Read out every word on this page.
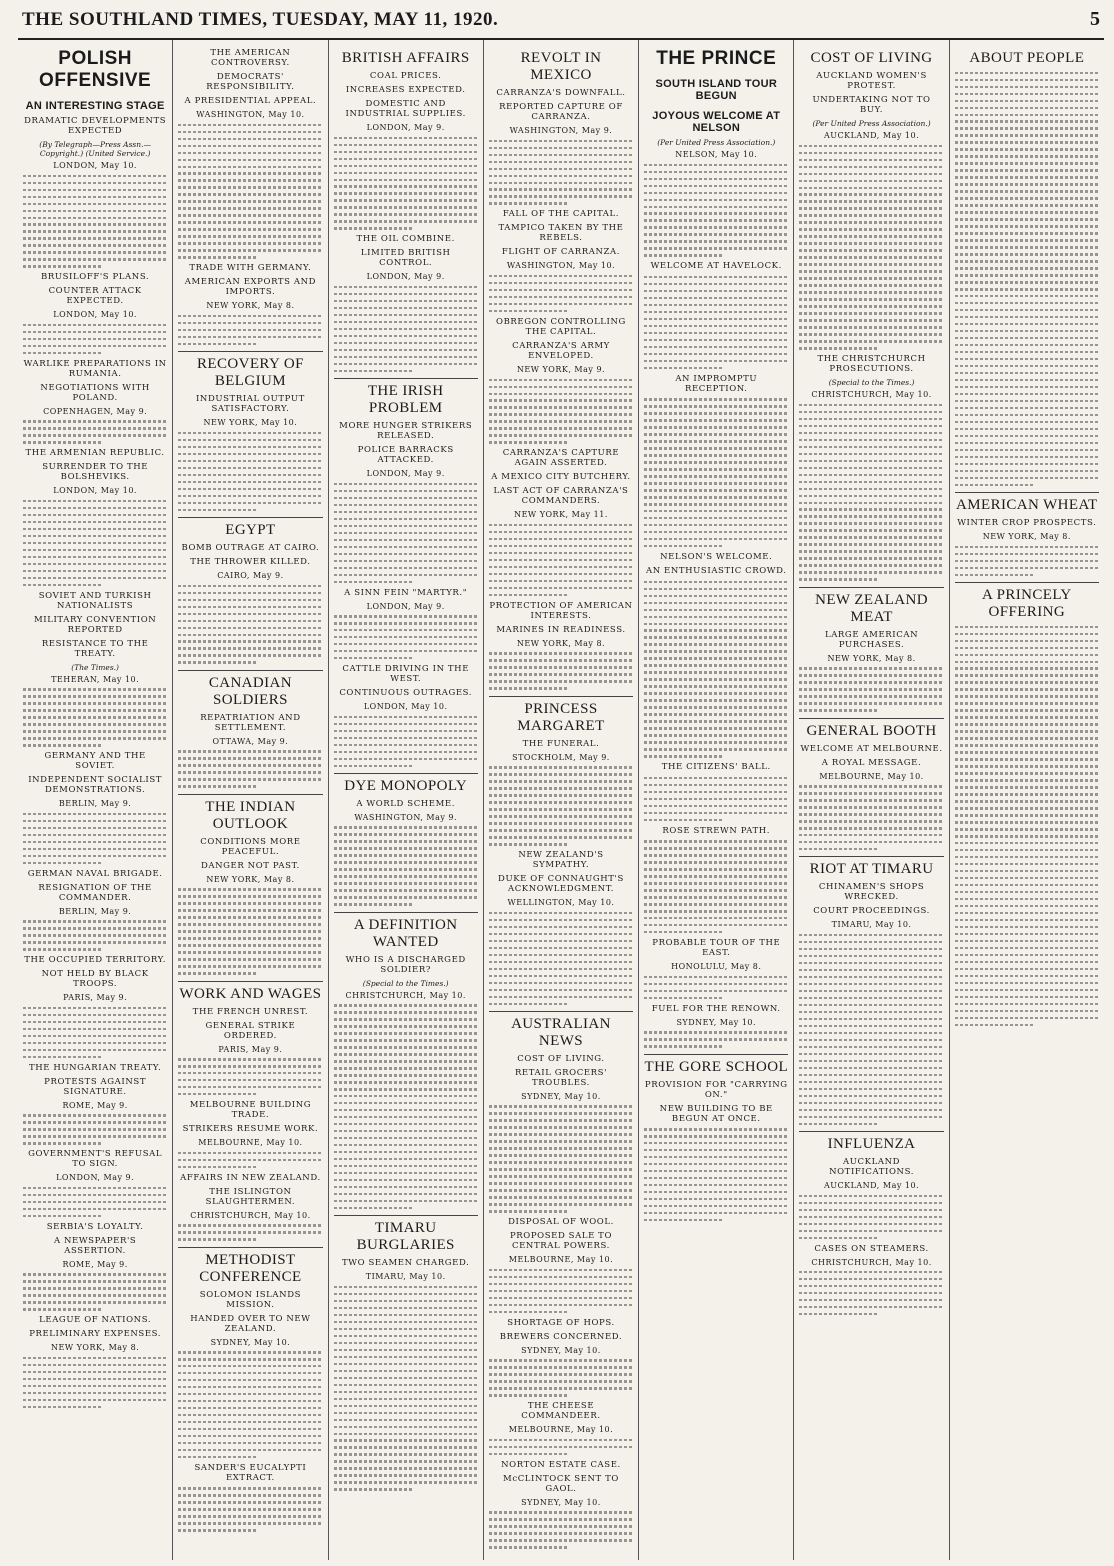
THE SOUTHLAND TIMES, TUESDAY, MAY 11, 1920.	5
POLISH OFFENSIVE
AN INTERESTING STAGE
DRAMATIC DEVELOPMENTS EXPECTED
(By Telegraph—Press Assn.—Copyright.) (United Service.)
LONDON, May 10.
BRUSILOFF'S PLANS.
COUNTER ATTACK EXPECTED.
LONDON, May 10.
WARLIKE PREPARATIONS IN RUMANIA.
NEGOTIATIONS WITH POLAND.
COPENHAGEN, May 9.
THE ARMENIAN REPUBLIC.
SURRENDER TO THE BOLSHEVIKS.
LONDON, May 10.
SOVIET AND TURKISH NATIONALISTS
MILITARY CONVENTION REPORTED
RESISTANCE TO THE TREATY.
(The Times.)
TEHERAN, May 10.
GERMANY AND THE SOVIET.
INDEPENDENT SOCIALIST DEMONSTRATIONS.
BERLIN, May 9.
GERMAN NAVAL BRIGADE.
RESIGNATION OF THE COMMANDER.
BERLIN, May 9.
THE OCCUPIED TERRITORY.
NOT HELD BY BLACK TROOPS.
PARIS, May 9.
THE HUNGARIAN TREATY.
PROTESTS AGAINST SIGNATURE.
ROME, May 9.
GOVERNMENT'S REFUSAL TO SIGN.
LONDON, May 9.
SERBIA'S LOYALTY.
A NEWSPAPER'S ASSERTION.
ROME, May 9.
LEAGUE OF NATIONS.
PRELIMINARY EXPENSES.
NEW YORK, May 8.
THE AMERICAN CONTROVERSY.
DEMOCRATS' RESPONSIBILITY.
A PRESIDENTIAL APPEAL.
WASHINGTON, May 10.
TRADE WITH GERMANY.
AMERICAN EXPORTS AND IMPORTS.
NEW YORK, May 8.
RECOVERY OF BELGIUM
INDUSTRIAL OUTPUT SATISFACTORY.
NEW YORK, May 10.
EGYPT
BOMB OUTRAGE AT CAIRO.
THE THROWER KILLED.
CAIRO, May 9.
CANADIAN SOLDIERS
REPATRIATION AND SETTLEMENT.
OTTAWA, May 9.
THE INDIAN OUTLOOK
CONDITIONS MORE PEACEFUL.
DANGER NOT PAST.
NEW YORK, May 8.
WORK AND WAGES
THE FRENCH UNREST.
GENERAL STRIKE ORDERED.
PARIS, May 9.
MELBOURNE BUILDING TRADE.
STRIKERS RESUME WORK.
MELBOURNE, May 10.
AFFAIRS IN NEW ZEALAND.
THE ISLINGTON SLAUGHTERMEN.
CHRISTCHURCH, May 10.
METHODIST CONFERENCE
SOLOMON ISLANDS MISSION.
HANDED OVER TO NEW ZEALAND.
SYDNEY, May 10.
SANDER'S EUCALYPTI EXTRACT.
BRITISH AFFAIRS
COAL PRICES.
INCREASES EXPECTED.
DOMESTIC AND INDUSTRIAL SUPPLIES.
LONDON, May 9.
THE OIL COMBINE.
LIMITED BRITISH CONTROL.
LONDON, May 9.
THE IRISH PROBLEM
MORE HUNGER STRIKERS RELEASED.
POLICE BARRACKS ATTACKED.
LONDON, May 9.
A SINN FEIN "MARTYR."
LONDON, May 9.
CATTLE DRIVING IN THE WEST.
CONTINUOUS OUTRAGES.
LONDON, May 10.
DYE MONOPOLY
A WORLD SCHEME.
WASHINGTON, May 9.
A DEFINITION WANTED
WHO IS A DISCHARGED SOLDIER?
(Special to the Times.)
CHRISTCHURCH, May 10.
TIMARU BURGLARIES
TWO SEAMEN CHARGED.
TIMARU, May 10.
REVOLT IN MEXICO
CARRANZA'S DOWNFALL.
REPORTED CAPTURE OF CARRANZA.
WASHINGTON, May 9.
FALL OF THE CAPITAL.
TAMPICO TAKEN BY THE REBELS.
FLIGHT OF CARRANZA.
WASHINGTON, May 10.
OBREGON CONTROLLING THE CAPITAL.
CARRANZA'S ARMY ENVELOPED.
NEW YORK, May 9.
CARRANZA'S CAPTURE AGAIN ASSERTED.
A MEXICO CITY BUTCHERY.
LAST ACT OF CARRANZA'S COMMANDERS.
NEW YORK, May 11.
PROTECTION OF AMERICAN INTERESTS.
MARINES IN READINESS.
NEW YORK, May 8.
PRINCESS MARGARET
THE FUNERAL.
STOCKHOLM, May 9.
NEW ZEALAND'S SYMPATHY.
DUKE OF CONNAUGHT'S ACKNOWLEDGMENT.
WELLINGTON, May 10.
AUSTRALIAN NEWS
COST OF LIVING.
RETAIL GROCERS' TROUBLES.
SYDNEY, May 10.
DISPOSAL OF WOOL.
PROPOSED SALE TO CENTRAL POWERS.
MELBOURNE, May 10.
SHORTAGE OF HOPS.
BREWERS CONCERNED.
SYDNEY, May 10.
THE CHEESE COMMANDEER.
MELBOURNE, May 10.
NORTON ESTATE CASE.
McCLINTOCK SENT TO GAOL.
SYDNEY, May 10.
THE PRINCE
SOUTH ISLAND TOUR BEGUN
JOYOUS WELCOME AT NELSON
(Per United Press Association.)
NELSON, May 10.
WELCOME AT HAVELOCK.
AN IMPROMPTU RECEPTION.
NELSON'S WELCOME.
AN ENTHUSIASTIC CROWD.
THE CITIZENS' BALL.
ROSE STREWN PATH.
PROBABLE TOUR OF THE EAST.
HONOLULU, May 8.
FUEL FOR THE RENOWN.
SYDNEY, May 10.
THE GORE SCHOOL
PROVISION FOR "CARRYING ON."
NEW BUILDING TO BE BEGUN AT ONCE.
COST OF LIVING
AUCKLAND WOMEN'S PROTEST.
UNDERTAKING NOT TO BUY.
(Per United Press Association.)
AUCKLAND, May 10.
THE CHRISTCHURCH PROSECUTIONS.
(Special to the Times.)
CHRISTCHURCH, May 10.
NEW ZEALAND MEAT
LARGE AMERICAN PURCHASES.
NEW YORK, May 8.
GENERAL BOOTH
WELCOME AT MELBOURNE.
A ROYAL MESSAGE.
MELBOURNE, May 10.
RIOT AT TIMARU
CHINAMEN'S SHOPS WRECKED.
COURT PROCEEDINGS.
TIMARU, May 10.
INFLUENZA
AUCKLAND NOTIFICATIONS.
AUCKLAND, May 10.
CASES ON STEAMERS.
CHRISTCHURCH, May 10.
ABOUT PEOPLE
AMERICAN WHEAT
WINTER CROP PROSPECTS.
NEW YORK, May 8.
A PRINCELY OFFERING
